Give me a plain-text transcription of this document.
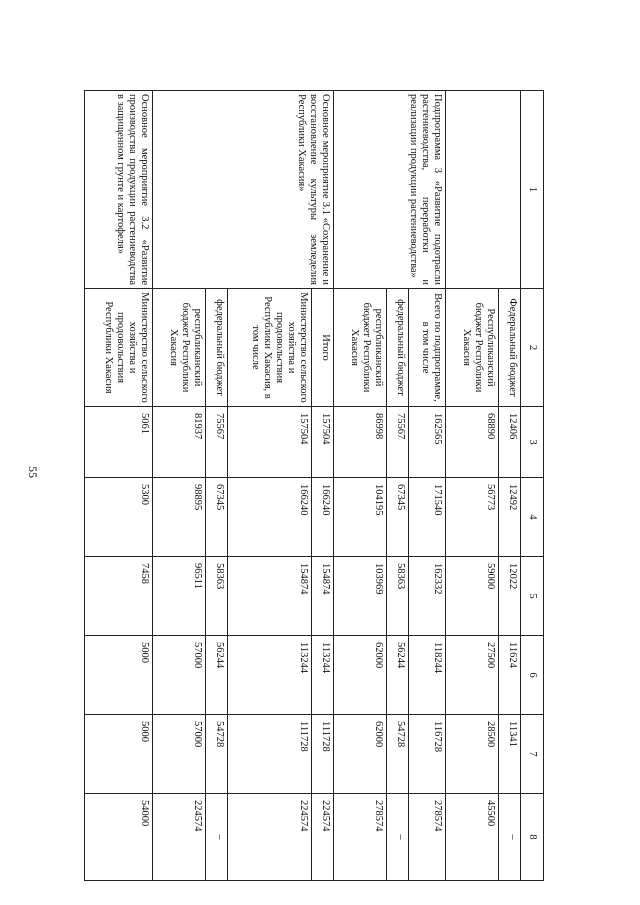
55
1	2	3	4	5	6	7	8
	Федеральный бюджет	12406	12492	12022	11624	11341	–
	Республиканский бюджет Республики Хакасия	68890	56773	59000	27500	28500	45500
Подпрограмма 3 «Развитие подотрасли растениеводства, переработки и реализации продукции растениеводства»	Всего по подпрограмме, в том числе	162565	171540	162332	118244	116728	278574
	федеральный бюджет	75567	67345	58363	56244	54728	–
	республиканский бюджет Республики Хакасия	86998	104195	103969	62000	62000	278574
Основное мероприятие 3.1 «Сохранение и восстановление культуры земледелия Республики Хакасия»	Итого	157504	166240	154874	113244	111728	224574
	Министерство сельского хозяйства и продовольствия Республики Хакасия, в том числе	157504	166240	154874	113244	111728	224574
	федеральный бюджет	75567	67345	58363	56244	54728	–
	республиканский бюджет Республики Хакасия	81937	98895	96511	57000	57000	224574
Основное мероприятие 3.2 «Развитие производства продукции растениеводства в защищенном грунте и картофеля»	Министерство сельского хозяйства и продовольствия Республики Хакасия	5061	5300	7458	5000	5000	54000
